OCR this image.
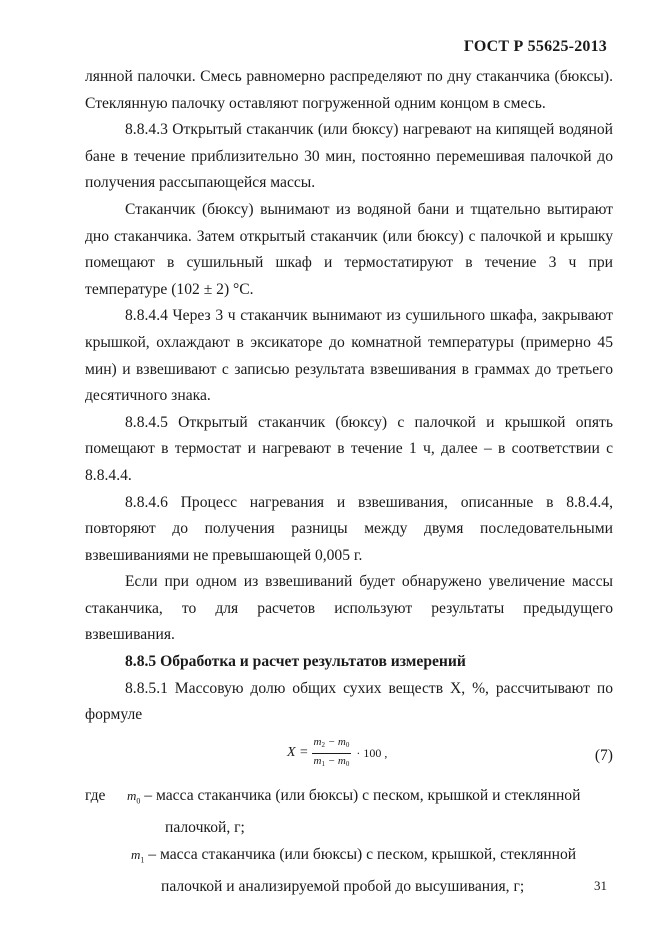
ГОСТ Р 55625-2013

лянной палочки. Смесь равномерно распределяют по дну стаканчика (бюксы). Стеклянную палочку оставляют погруженной одним концом в смесь.

8.8.4.3 Открытый стаканчик (или бюксу) нагревают на кипящей водяной бане в течение приблизительно 30 мин, постоянно перемешивая палочкой до получения рассыпающейся массы.

Стаканчик (бюксу) вынимают из водяной бани и тщательно вытирают дно стаканчика. Затем открытый стаканчик (или бюксу) с палочкой и крышку помещают в сушильный шкаф и термостатируют в течение 3 ч при температуре (102 ± 2) °С.

8.8.4.4 Через 3 ч стаканчик вынимают из сушильного шкафа, закрывают крышкой, охлаждают в эксикаторе до комнатной температуры (примерно 45 мин) и взвешивают с записью результата взвешивания в граммах до третьего десятичного знака.

8.8.4.5 Открытый стаканчик (бюксу) с палочкой и крышкой опять помещают в термостат и нагревают в течение 1 ч, далее – в соответствии с 8.8.4.4.

8.8.4.6 Процесс нагревания и взвешивания, описанные в 8.8.4.4, повторяют до получения разницы между двумя последовательными взвешиваниями не превышающей 0,005 г.

Если при одном из взвешиваний будет обнаружено увеличение массы стаканчика, то для расчетов используют результаты предыдущего взвешивания.

8.8.5 Обработка и расчет результатов измерений

8.8.5.1 Массовую долю общих сухих веществ X, %, рассчитывают по формуле

$X = \frac{m_2 - m_0}{m_1 - m_0} \cdot 100$ ,	(7)
где $m_0$ – масса стаканчика (или бюксы) с песком, крышкой и стеклянной
палочкой, г;
$m_1$ – масса стаканчика (или бюксы) с песком, крышкой, стеклянной
палочкой и анализируемой пробой до высушивания, г;	31
